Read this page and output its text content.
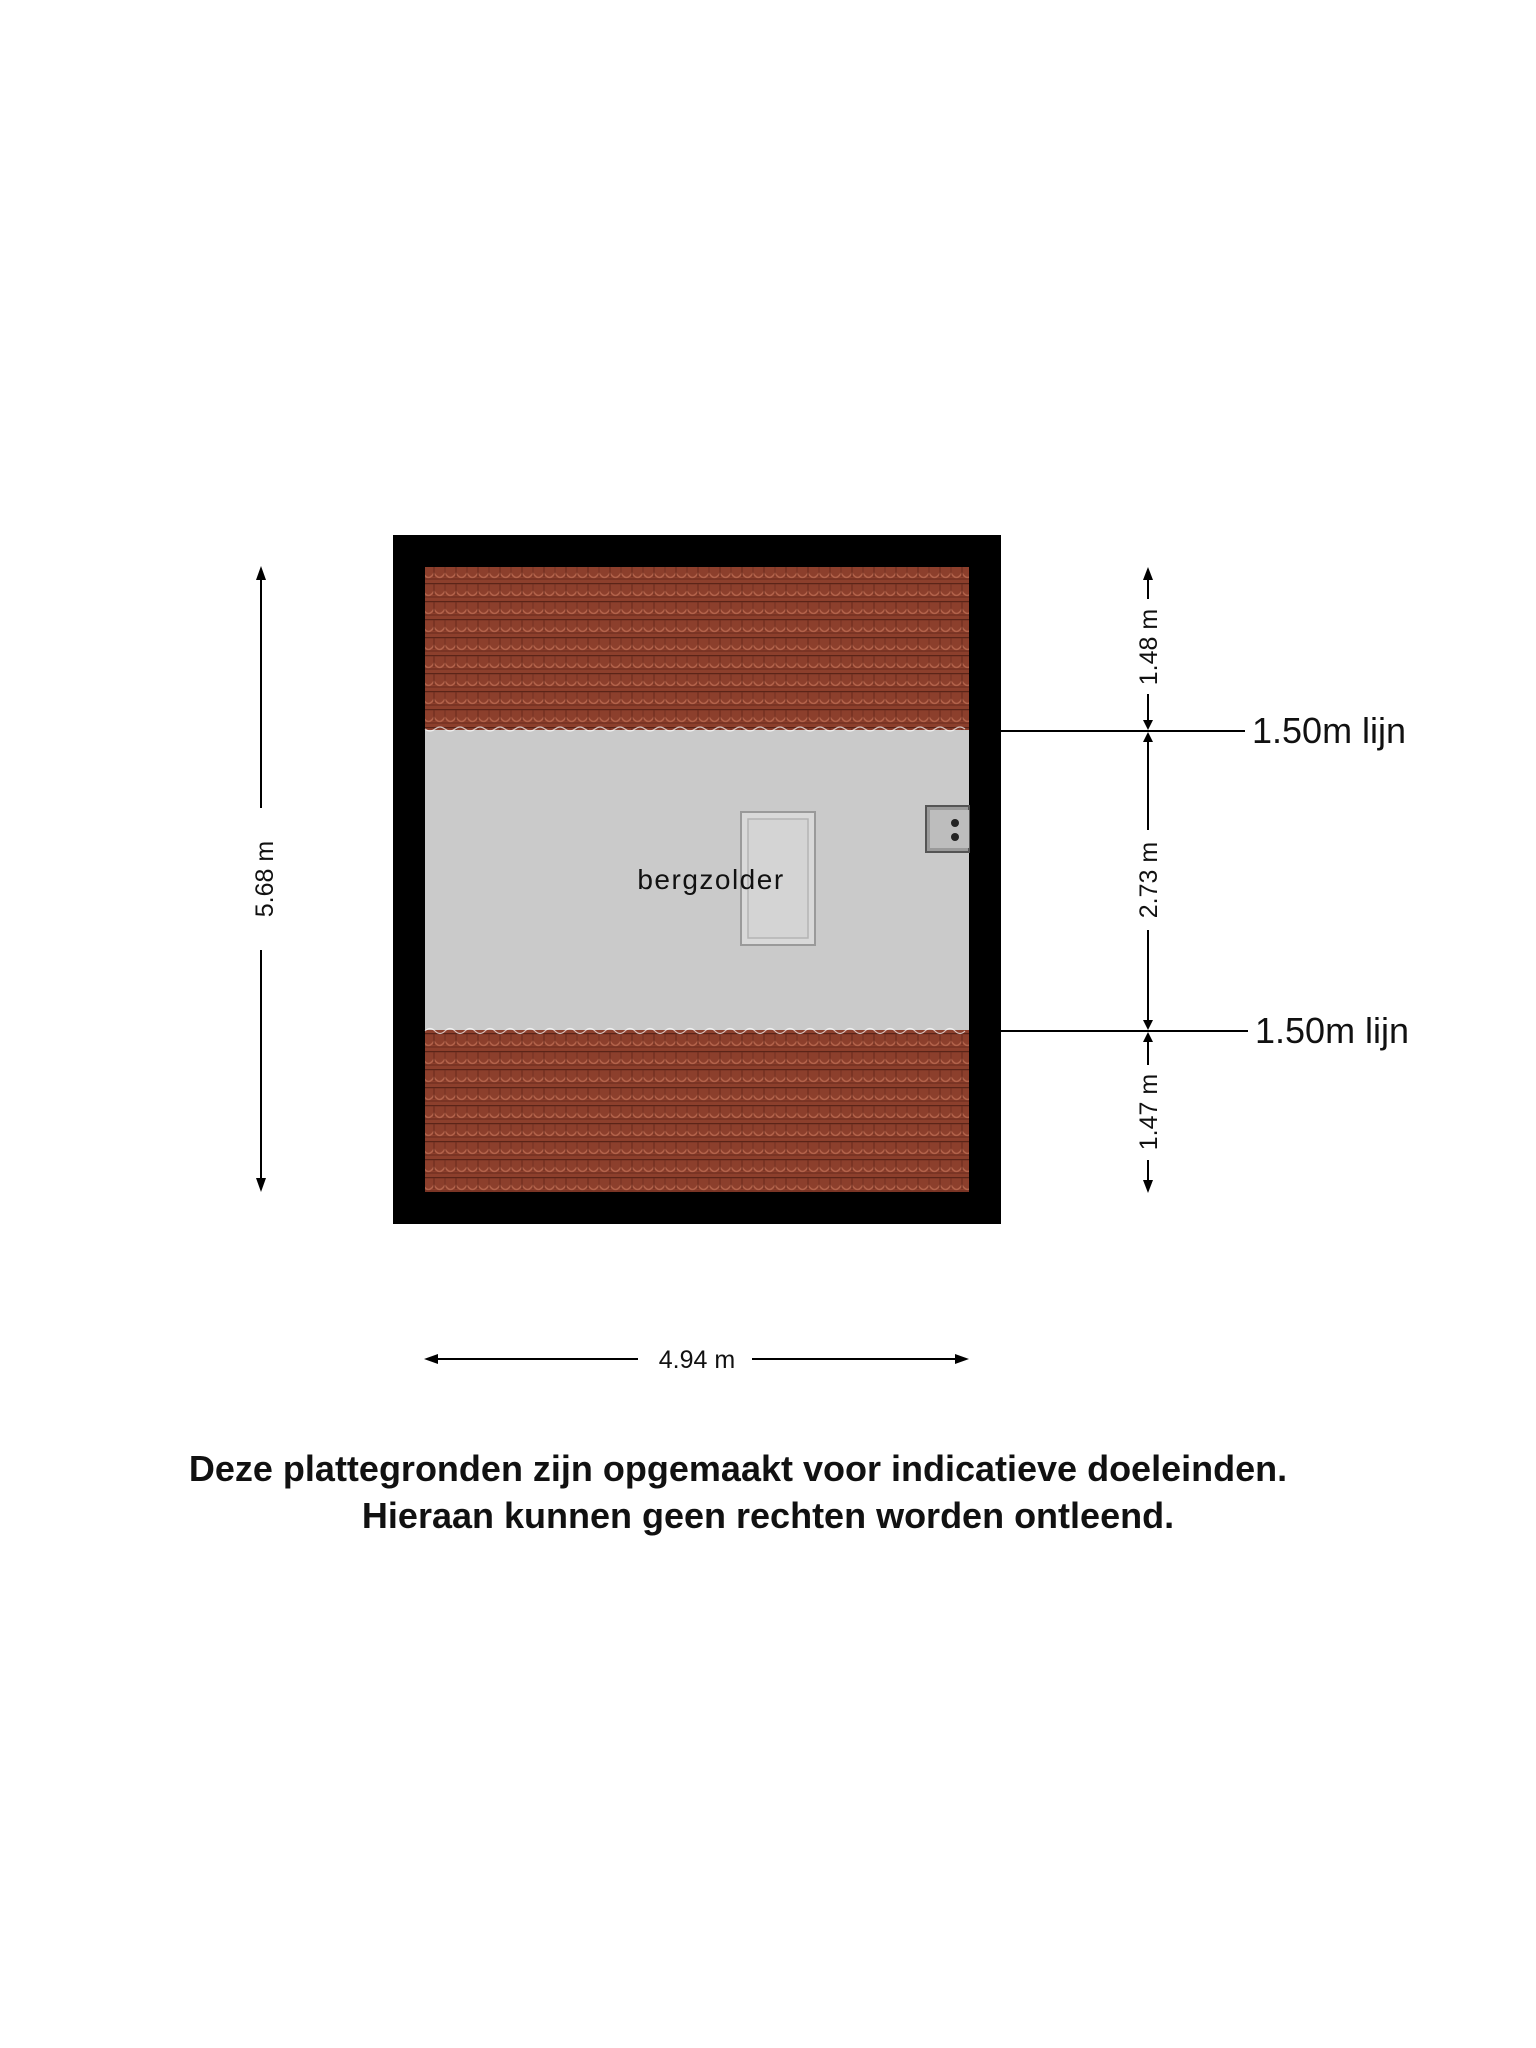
bergzolder
5.68 m
4.94 m
1.48 m
2.73 m
1.47 m
1.50m lijn
1.50m lijn
Deze plattegronden zijn opgemaakt voor indicatieve doeleinden.
Hieraan kunnen geen rechten worden ontleend.
